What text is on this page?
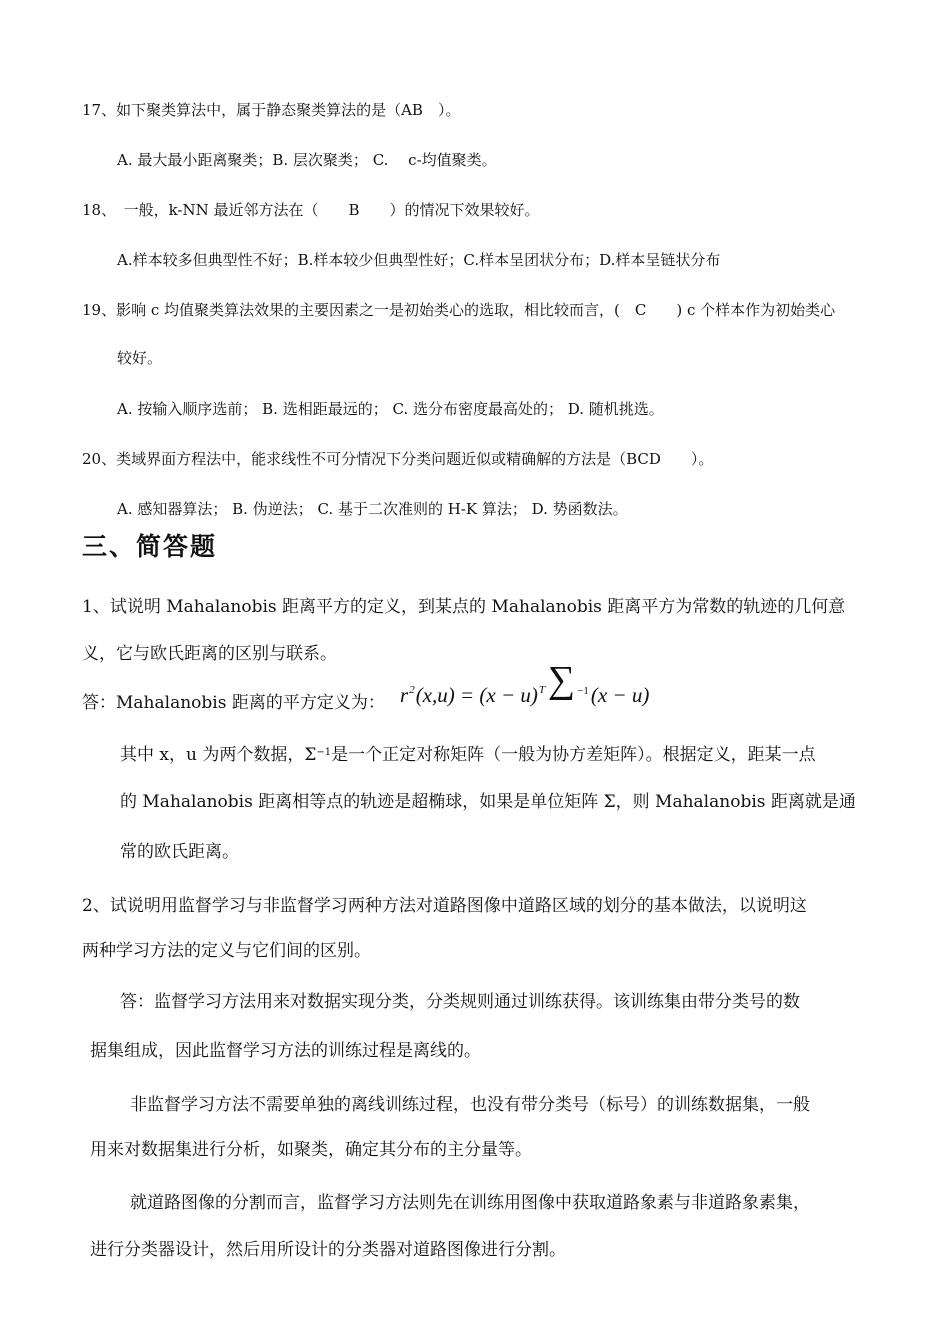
17、如下聚类算法中，属于静态聚类算法的是（AB　）。
A. 最大最小距离聚类；B. 层次聚类； C. 　c-均值聚类。
18、　一般，k-NN 最近邻方法在（　　B　　）的情况下效果较好。
A.样本较多但典型性不好；B.样本较少但典型性好；C.样本呈团状分布；D.样本呈链状分布
19、影响 c 均值聚类算法效果的主要因素之一是初始类心的选取，相比较而言，(　C　　) c 个样本作为初始类心
较好。
A. 按输入顺序选前； B. 选相距最远的； C. 选分布密度最高处的； D. 随机挑选。
20、类域界面方程法中，能求线性不可分情况下分类问题近似或精确解的方法是（BCD　　）。
A. 感知器算法； B. 伪逆法； C. 基于二次准则的 H-K 算法； D. 势函数法。
三、简答题
1、试说明 Mahalanobis 距离平方的定义，到某点的 Mahalanobis 距离平方为常数的轨迹的几何意
义，它与欧氏距离的区别与联系。
答：Mahalanobis 距离的平方定义为： $r^2(x,u) = (x - u)^T\sum$ $^{-1}$(x − u)
其中 x，u 为两个数据，$\Sigma^{-1}$是一个正定对称矩阵（一般为协方差矩阵）。根据定义，距某一点
的 Mahalanobis 距离相等点的轨迹是超椭球，如果是单位矩阵 Σ，则 Mahalanobis 距离就是通
常的欧氏距离。
2、试说明用监督学习与非监督学习两种方法对道路图像中道路区域的划分的基本做法，以说明这
两种学习方法的定义与它们间的区别。
答：监督学习方法用来对数据实现分类，分类规则通过训练获得。该训练集由带分类号的数
据集组成，因此监督学习方法的训练过程是离线的。
非监督学习方法不需要单独的离线训练过程，也没有带分类号（标号）的训练数据集，一般
用来对数据集进行分析，如聚类，确定其分布的主分量等。
就道路图像的分割而言，监督学习方法则先在训练用图像中获取道路象素与非道路象素集，
进行分类器设计，然后用所设计的分类器对道路图像进行分割。
